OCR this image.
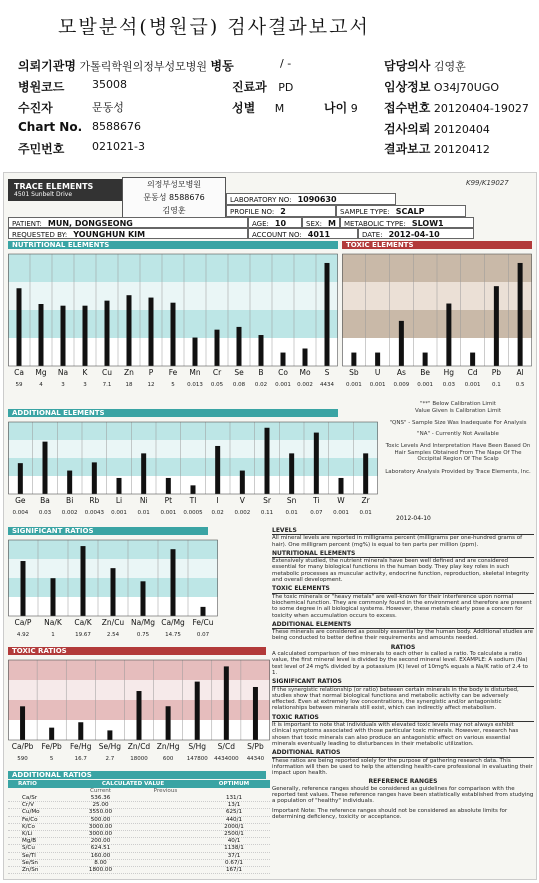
모발분석(병원급) 검사결과보고서
의뢰기관명 가톨릭학원의정부성모병원 병동	/ -	담당의사 김영훈
병원코드	35008	진료과 PD	임상정보 O34J70UGO
수진자	문동성	성별 M	나이 9 접수번호 20120404-19027
Chart No. 8588676	검사의뢰 20120404
주민번호	021021-3	결과보고 20120412
TRACE ELEMENTS
4501 Sunbelt Drive
의정부성모병원
문동성 8588676
김영훈
K99/K19027
LABORATORY NO: 1090630
PROFILE NO: 2	SAMPLE TYPE: SCALP
PATIENT: MUN, DONGSEONG	AGE: 10	SEX: M	METABOLIC TYPE: SLOW1
REQUESTED BY: YOUNGHUN KIM	ACCOUNT NO: 4011	DATE: 2012-04-10
NUTRITIONAL ELEMENTS	TOXIC ELEMENTS
Ca
59
Mg
4
Na
3
K
3
Cu
7.1
Zn
18
P
12
Fe
5
Mn
0.013
Cr
0.05
Se
0.08
B
0.02
Co
0.001
Mo
0.002
S
4434
Sb
0.001
U
0.001
As
0.009
Be
0.001
Hg
0.03
Cd
0.001
Pb
0.1
Al
0.5
ADDITIONAL ELEMENTS
Ge
0.004
Ba
0.03
Bi
0.002
Rb
0.0043
Li
0.001
Ni
0.01
Pt
0.001
Tl
0.0005
I
0.02
V
0.002
Sr
0.11
Sn
0.01
Ti
0.07
W
0.001
Zr
0.01
"**" Below Calibration Limit
Value Given is Calibration Limit
"QNS" - Sample Size Was Inadequate For Analysis
"NA" - Currently Not Available
Toxic Levels And Interpretation Have Been Based On Hair Samples Obtained From The Nape Of The Occipital Region Of The Scalp
Laboratory Analysis Provided by Trace Elements, Inc.
2012-04-10
SIGNIFICANT RATIOS
Ca/P
4.92
Na/K
1
Ca/K
19.67
Zn/Cu
2.54
Na/Mg
0.75
Ca/Mg
14.75
Fe/Cu
0.07
TOXIC RATIOS
Ca/Pb
590
Fe/Pb
5
Fe/Hg
16.7
Se/Hg
2.7
Zn/Cd
18000
Zn/Hg
600
S/Hg
147800
S/Cd
4434000
S/Pb
44340
ADDITIONAL RATIOS
RATIO	CALCULATED VALUE	OPTIMUM
Current	Previous
Ca/Sr	536.36	131/1
Cr/V	25.00	13/1
Cu/Mo	3550.00	625/1
Fe/Co	500.00	440/1
K/Co	3000.00	2000/1
K/Li	3000.00	2500/1
Mg/B	200.00	40/1
S/Cu	624.51	1138/1
Se/Tl	160.00	37/1
Se/Sn	8.00	0.67/1
Zn/Sn	1800.00	167/1
LEVELS
All mineral levels are reported in milligrams percent (milligrams per one-hundred grams of hair). One milligram percent (mg%) is equal to ten parts per million (ppm).
NUTRITIONAL ELEMENTS
Extensively studied, the nutrient minerals have been well defined and are considered essential for many biological functions in the human body. They play key roles in such metabolic processes as muscular activity, endocrine function, reproduction, skeletal integrity and overall development.
TOXIC ELEMENTS
The toxic minerals or "heavy metals" are well-known for their interference upon normal biochemical function. They are commonly found in the environment and therefore are present to some degree in all biological systems. However, these metals clearly pose a concern for toxicity when accumulation occurs to excess.
ADDITIONAL ELEMENTS
These minerals are considered as possibly essential by the human body. Additional studies are being conducted to better define their requirements and amounts needed.
RATIOS
A calculated comparison of two minerals to each other is called a ratio. To calculate a ratio value, the first mineral level is divided by the second mineral level. EXAMPLE: A sodium (Na) test level of 24 mg% divided by a potassium (K) level of 10mg% equals a Na/K ratio of 2.4 to 1.
SIGNIFICANT RATIOS
If the synergistic relationship (or ratio) between certain minerals in the body is disturbed, studies show that normal biological functions and metabolic activity can be adversely effected. Even at extremely low concentrations, the synergistic and/or antagonistic relationships between minerals still exist, which can indirectly affect metabolism.
TOXIC RATIOS
It is important to note that individuals with elevated toxic levels may not always exhibit clinical symptoms associated with those particular toxic minerals. However, research has shown that toxic minerals can also produce an antagonistic effect on various essential minerals eventually leading to disturbances in their metabolic utilization.
ADDITIONAL RATIOS
These ratios are being reported solely for the purpose of gathering research data. This information will then be used to help the attending health-care professional in evaluating their impact upon health.
REFERENCE RANGES
Generally, reference ranges should be considered as guidelines for comparison with the reported test values. These reference ranges have been statistically established from studying a population of "healthy" individuals.
Important Note: The reference ranges should not be considered as absolute limits for determining deficiency, toxicity or acceptance.
